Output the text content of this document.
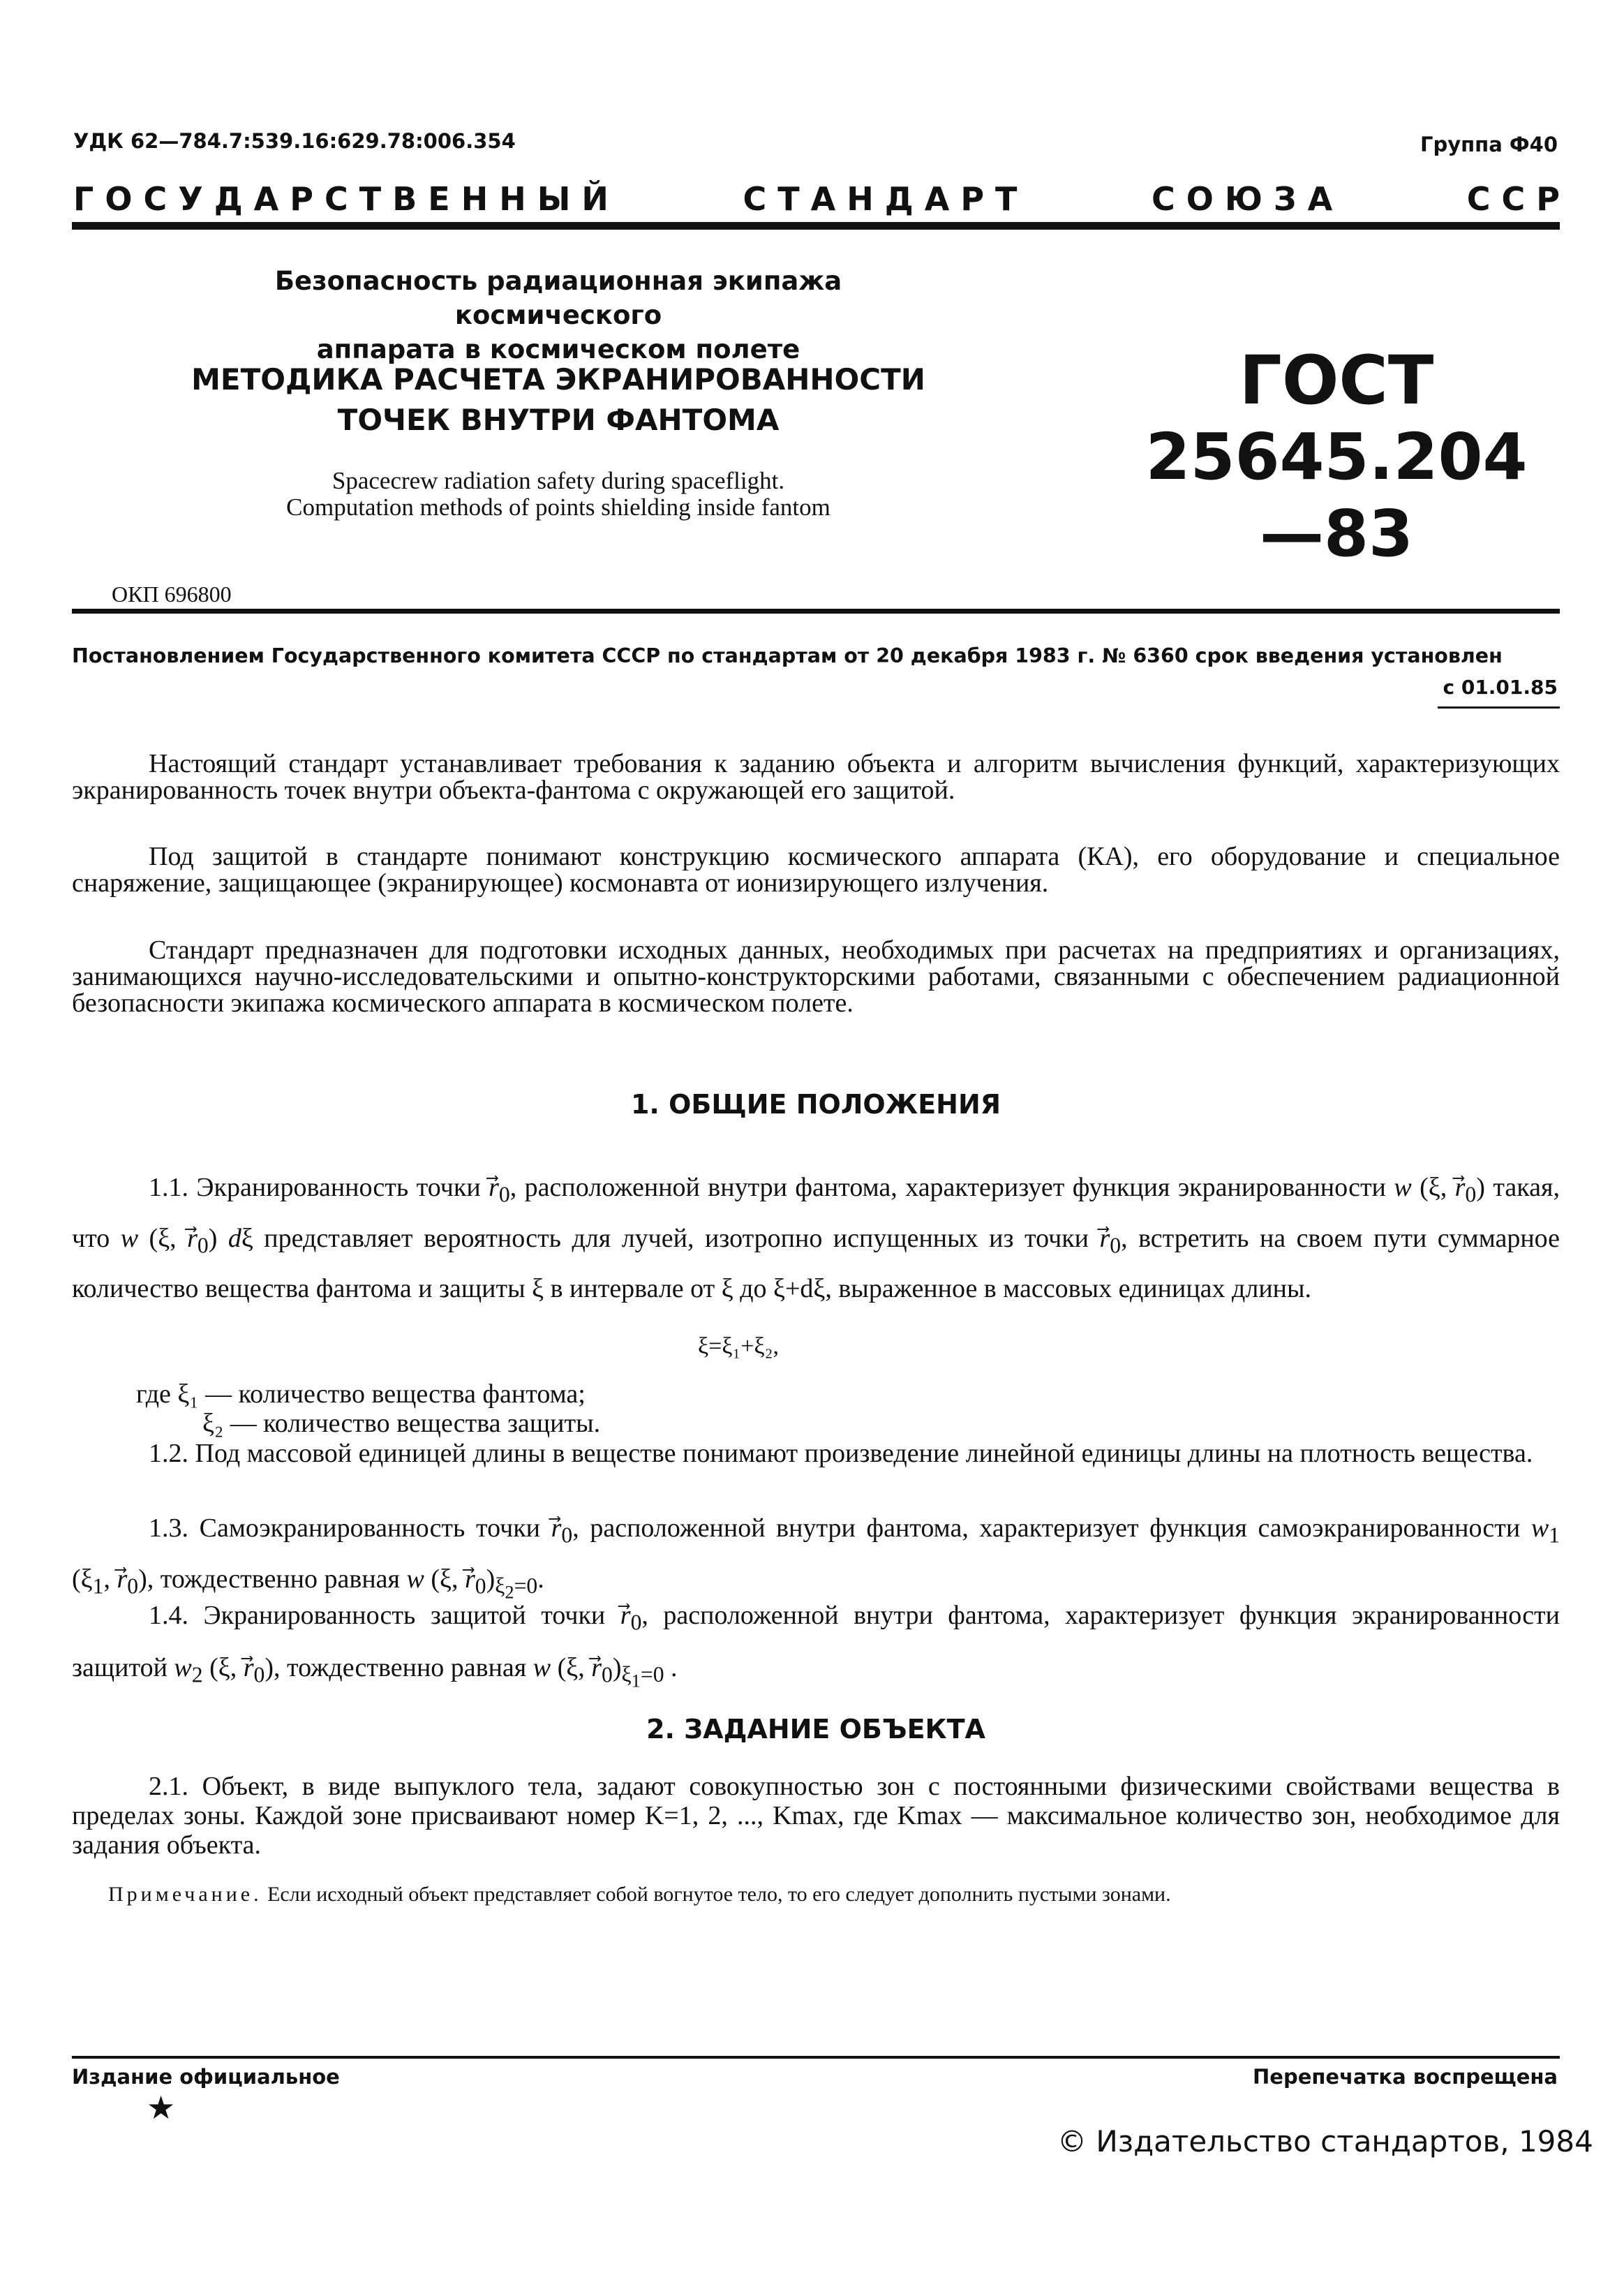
УДК 62—784.7:539.16:629.78:006.354	Группа Ф40
Г О С У Д А Р С Т В Е Н Н Ы Й	С Т А Н Д А Р Т	С О Ю З А	С С Р
Безопасность радиационная экипажа космического
аппарата в космическом полете
МЕТОДИКА РАСЧЕТА ЭКРАНИРОВАННОСТИ
ТОЧЕК ВНУТРИ ФАНТОМА
Spacecrew radiation safety during spaceflight.
Computation methods of points shielding inside fantom
ГОСТ
25645.204—83
ОКП 696800
Постановлением Государственного комитета СССР по стандартам от 20 декабря 1983 г. № 6360 срок введения установлен
с 01.01.85
Настоящий стандарт устанавливает требования к заданию объекта и алгоритм вычисления функций, характеризующих экранированность точек внутри объекта-фантома с окружающей его защитой.
Под защитой в стандарте понимают конструкцию космического аппарата (КА), его оборудование и специальное снаряжение, защищающее (экранирующее) космонавта от ионизирующего излучения.
Стандарт предназначен для подготовки исходных данных, необходимых при расчетах на предприятиях и организациях, занимающихся научно-исследовательскими и опытно-конструкторскими работами, связанными с обеспечением радиационной безопасности экипажа космического аппарата в космическом полете.
1. ОБЩИЕ ПОЛОЖЕНИЯ
1.1. Экранированность точки $r_0$, расположенной внутри фантома, характеризует функция экранированности w (ξ, $r_0$) такая, что w (ξ, $r_0$) dξ представляет вероятность для лучей, изотропно испущенных из точки $r_0$, встретить на своем пути суммарное количество вещества фантома и защиты ξ в интервале от ξ до ξ+dξ, выраженное в массовых единицах длины.
ξ=ξ₁+ξ₂,
где ξ₁ — количество вещества фантома;
ξ₂ — количество вещества защиты.
1.2. Под массовой единицей длины в веществе понимают произведение линейной единицы длины на плотность вещества.
1.3. Самоэкранированность точки $r_0$, расположенной внутри фантома, характеризует функция самоэкранированности $w_1$ ($\xi_1$, $r_0$), тождественно равная w (ξ, $r_0)_{\xi_2=0}$.
1.4. Экранированность защитой точки $r_0$, расположенной внутри фантома, характеризует функция экранированности защитой $w_2$ (ξ, $r_0$), тождественно равная w (ξ, $r_0)_{\xi_1=0}$ .
2. ЗАДАНИЕ ОБЪЕКТА
2.1. Объект, в виде выпуклого тела, задают совокупностью зон с постоянными физическими свойствами вещества в пределах зоны. Каждой зоне присваивают номер K=1, 2, ..., Kmax, где Kmax — максимальное количество зон, необходимое для задания объекта.
Примечание. Если исходный объект представляет собой вогнутое тело, то его следует дополнить пустыми зонами.
Издание официальное
★
Перепечатка воспрещена
© Издательство стандартов, 1984
